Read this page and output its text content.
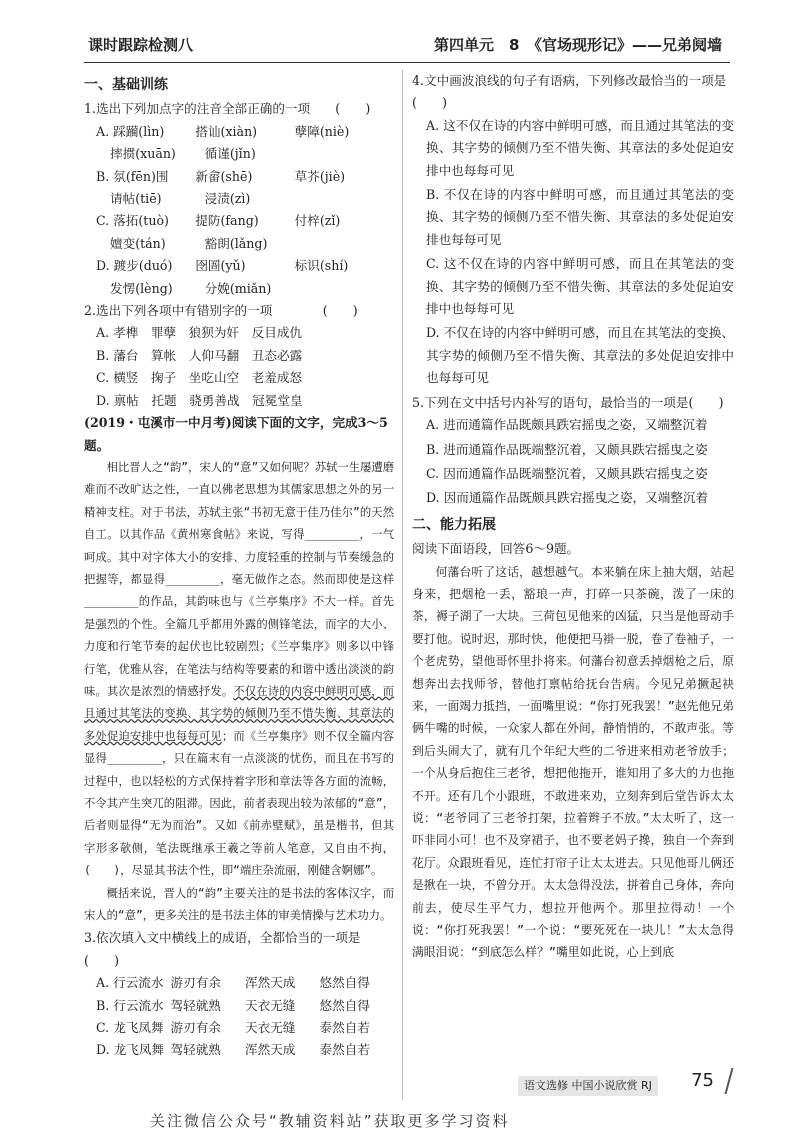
课时跟踪检测八	第四单元　8　《官场现形记》——兄弟阋墙
一、基础训练

1.选出下列加点字的注音全部正确的一项　　(　　)

A. 踩躏(lìn)	搭讪(xiàn)	孽障(niè)
摔掼(xuān)	循谨(jǐn)
B. 氛(fēn)围	新畲(shē)	草芥(jiè)
请帖(tiē)	浸渍(zì)
C. 落拓(tuò)	提防(fang)	付梓(zǐ)
嬗变(tán)	豁朗(lǎng)
D. 踱步(duó)	囹圄(yǔ)	标识(shí)
发愣(lèng)	分娩(miǎn)

2.选出下列各项中有错别字的一项　　　　(　　)

A. 孝榫　罪孽　狼狈为奸　反目成仇

B. 藩台　算帐　人仰马翻　丑态必露

C. 横竖　掬子　坐吃山空　老羞成怒

D. 禀帖　托题　骁勇善战　冠冕堂皇

(2019・屯溪市一中月考)阅读下面的文字，完成3～5题。

相比晋人之“韵”，宋人的“意”又如何呢？苏轼一生屡遭磨难而不改旷达之性，一直以佛老思想为其儒家思想之外的另一精神支柱。对于书法，苏轼主张“书初无意于佳乃佳尔”的天然自工。以其作品《黄州寒食帖》来说，写得________，一气呵成。其中对字体大小的安排、力度轻重的控制与节奏缓急的把握等，都显得________，毫无做作之态。然而即使是这样________的作品，其韵味也与《兰亭集序》不大一样。首先是强烈的个性。全篇几乎都用外露的侧锋笔法，而字的大小、力度和行笔节奏的起伏也比较剧烈；《兰亭集序》则多以中锋行笔，优雅从容，在笔法与结构等要素的和谐中透出淡淡的韵味。其次是浓烈的情感抒发。不仅在诗的内容中鲜明可感，而且通过其笔法的变换、其字势的倾侧乃至不惜失衡、其章法的多处促迫安排中也每每可见；而《兰亭集序》则不仅全篇内容显得________，只在篇末有一点淡淡的忧伤，而且在书写的过程中，也以轻松的方式保持着字形和章法等各方面的流畅，不令其产生突兀的阻滞。因此，前者表现出较为浓郁的“意”，后者则显得“无为而治”。又如《前赤壁赋》，虽是楷书，但其字形多欹侧，笔法既继承王羲之等前人笔意，又自由不拘，(　　)，尽显其书法个性，即“端庄杂流丽，刚健含婀娜”。

概括来说，晋人的“韵”主要关注的是书法的客体汉字，而宋人的“意”，更多关注的是书法主体的审美情操与艺术功力。

3.依次填入文中横线上的成语，全都恰当的一项是(　　)

A. 行云流水 游刃有余	浑然天成	悠然自得
B. 行云流水 驾轻就熟	天衣无缝	悠然自得
C. 龙飞凤舞 游刃有余	天衣无缝	泰然自若
D. 龙飞凤舞 驾轻就熟	浑然天成	泰然自若

4.文中画波浪线的句子有语病，下列修改最恰当的一项是(　　)

A. 这不仅在诗的内容中鲜明可感，而且通过其笔法的变换、其字势的倾侧乃至不惜失衡、其章法的多处促迫安排中也每每可见

B. 不仅在诗的内容中鲜明可感，而且通过其笔法的变换、其字势的倾侧乃至不惜失衡、其章法的多处促迫安排也每每可见

C. 这不仅在诗的内容中鲜明可感，而且在其笔法的变换、其字势的倾侧乃至不惜失衡、其章法的多处促迫安排中也每每可见

D. 不仅在诗的内容中鲜明可感，而且在其笔法的变换、其字势的倾侧乃至不惜失衡、其章法的多处促迫安排中也每每可见

5.下列在文中括号内补写的语句，最恰当的一项是(　　)

A. 进而通篇作品既颇具跌宕摇曳之姿，又端整沉着

B. 进而通篇作品既端整沉着，又颇具跌宕摇曳之姿

C. 因而通篇作品既端整沉着，又颇具跌宕摇曳之姿

D. 因而通篇作品既颇具跌宕摇曳之姿，又端整沉着

二、能力拓展

阅读下面语段，回答6～9题。

何藩台听了这话，越想越气。本来躺在床上抽大烟，站起身来，把烟枪一丢，豁琅一声，打碎一只茶碗，泼了一床的茶，褥子湖了一大块。三荷包见他来的凶猛，只当是他哥动手要打他。说时迟，那时快，他便把马褂一脱，卷了卷袖子，一个老虎势，望他哥怀里扑将来。何藩台初意丢掉烟枪之后，原想奔出去找师爷，替他打禀帖给抚台告病。今见兄弟撅起袂来，一面竭力抵挡，一面嘴里说：“你打死我罢！”赵先他兄弟俩牛嘴的时候，一众家人都在外间，静悄悄的，不敢声张。等到后头闹大了，就有几个年纪大些的二爷进来相劝老爷放手；一个从身后抱住三老爷，想把他拖开，谁知用了多大的力也拖不开。还有几个小跟班，不敢进来劝，立刻奔到后堂告诉太太说：“老爷同了三老爷打架，拉着辫子不放。”太太听了，这一吓非同小可！也不及穿裙子，也不要老妈子搀，独自一个奔到花厅。众跟班看见，连忙打帘子让太太进去。只见他哥儿俩还是揪在一块，不曾分开。太太急得没法，拼着自己身体，奔向前去，使尽生平气力，想拉开他两个。那里拉得动！一个说：“你打死我罢！”一个说：“要死死在一块儿！”太太急得满眼泪说：“到底怎么样？”嘴里如此说，心上到底

语文选修 中国小说欣赏 RJ	75
关注微信公众号“教辅资料站”获取更多学习资料
